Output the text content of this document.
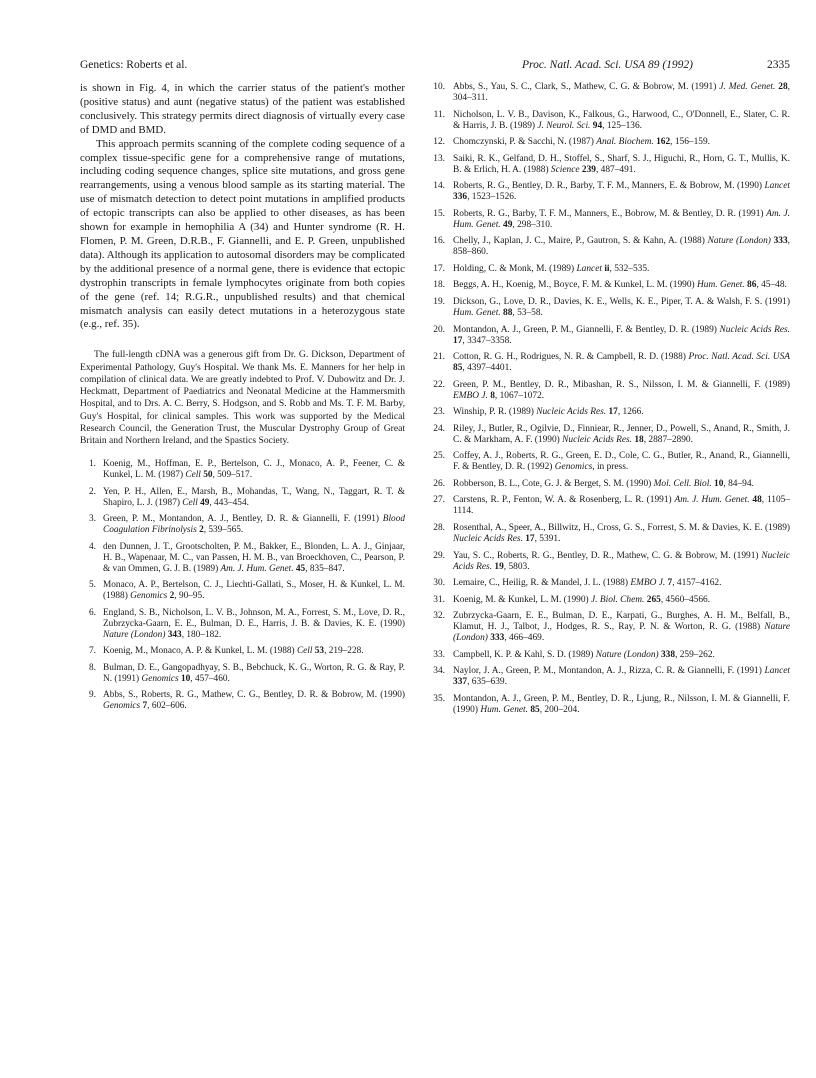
Genetics: Roberts et al.	Proc. Natl. Acad. Sci. USA 89 (1992)	2335

is shown in Fig. 4, in which the carrier status of the patient's mother (positive status) and aunt (negative status) of the patient was established conclusively. This strategy permits direct diagnosis of virtually every case of DMD and BMD.

This approach permits scanning of the complete coding sequence of a complex tissue-specific gene for a comprehensive range of mutations, including coding sequence changes, splice site mutations, and gross gene rearrangements, using a venous blood sample as its starting material. The use of mismatch detection to detect point mutations in amplified products of ectopic transcripts can also be applied to other diseases, as has been shown for example in hemophilia A (34) and Hunter syndrome (R. H. Flomen, P. M. Green, D.R.B., F. Giannelli, and E. P. Green, unpublished data). Although its application to autosomal disorders may be complicated by the additional presence of a normal gene, there is evidence that ectopic dystrophin transcripts in female lymphocytes originate from both copies of the gene (ref. 14; R.G.R., unpublished results) and that chemical mismatch analysis can easily detect mutations in a heterozygous state (e.g., ref. 35).

The full-length cDNA was a generous gift from Dr. G. Dickson, Department of Experimental Pathology, Guy's Hospital. We thank Ms. E. Manners for her help in compilation of clinical data. We are greatly indebted to Prof. V. Dubowitz and Dr. J. Heckmatt, Department of Paediatrics and Neonatal Medicine at the Hammersmith Hospital, and to Drs. A. C. Berry, S. Hodgson, and S. Robb and Ms. T. F. M. Barby, Guy's Hospital, for clinical samples. This work was supported by the Medical Research Council, the Generation Trust, the Muscular Dystrophy Group of Great Britain and Northern Ireland, and the Spastics Society.

1 . Koenig, M., Hoffman, E. P., Bertelson, C. J., Monaco, A. P., Feener, C. & Kunkel, L. M. (1987) Cell 50, 509–517.
2 . Yen, P. H., Allen, E., Marsh, B., Mohandas, T., Wang, N., Taggart, R. T. & Shapiro, L. J. (1987) Cell 49, 443–454.
3 . Green, P. M., Montandon, A. J., Bentley, D. R. & Giannelli, F. (1991) Blood Coagulation Fibrinolysis 2, 539–565.
4 . den Dunnen, J. T., Grootscholten, P. M., Bakker, E., Blonden, L. A. J., Ginjaar, H. B., Wapenaar, M. C., van Passen, H. M. B., van Broeckhoven, C., Pearson, P. & van Ommen, G. J. B. (1989) Am. J. Hum. Genet. 45, 835–847.
5 . Monaco, A. P., Bertelson, C. J., Liechti-Gallati, S., Moser, H. & Kunkel, L. M. (1988) Genomics 2, 90–95.
6 . England, S. B., Nicholson, L. V. B., Johnson, M. A., Forrest, S. M., Love, D. R., Zubrzycka-Gaarn, E. E., Bulman, D. E., Harris, J. B. & Davies, K. E. (1990) Nature (London) 343, 180–182.
7 . Koenig, M., Monaco, A. P. & Kunkel, L. M. (1988) Cell 53, 219–228.
8 . Bulman, D. E., Gangopadhyay, S. B., Bebchuck, K. G., Worton, R. G. & Ray, P. N. (1991) Genomics 10, 457–460.
9 . Abbs, S., Roberts, R. G., Mathew, C. G., Bentley, D. R. & Bobrow, M. (1990) Genomics 7, 602–606.
10 . Abbs, S., Yau, S. C., Clark, S., Mathew, C. G. & Bobrow, M. (1991) J. Med. Genet. 28, 304–311.
11 . Nicholson, L. V. B., Davison, K., Falkous, G., Harwood, C., O'Donnell, E., Slater, C. R. & Harris, J. B. (1989) J. Neurol. Sci. 94, 125–136.
12 . Chomczynski, P. & Sacchi, N. (1987) Anal. Biochem. 162, 156–159.
13 . Saiki, R. K., Gelfand, D. H., Stoffel, S., Sharf, S. J., Higuchi, R., Horn, G. T., Mullis, K. B. & Erlich, H. A. (1988) Science 239, 487–491.
14 . Roberts, R. G., Bentley, D. R., Barby, T. F. M., Manners, E. & Bobrow, M. (1990) Lancet 336, 1523–1526.
15 . Roberts, R. G., Barby, T. F. M., Manners, E., Bobrow, M. & Bentley, D. R. (1991) Am. J. Hum. Genet. 49, 298–310.
16 . Chelly, J., Kaplan, J. C., Maire, P., Gautron, S. & Kahn, A. (1988) Nature (London) 333, 858–860.
17 . Holding, C. & Monk, M. (1989) Lancet ii, 532–535.
18 . Beggs, A. H., Koenig, M., Boyce, F. M. & Kunkel, L. M. (1990) Hum. Genet. 86, 45–48.
19 . Dickson, G., Love, D. R., Davies, K. E., Wells, K. E., Piper, T. A. & Walsh, F. S. (1991) Hum. Genet. 88, 53–58.
20 . Montandon, A. J., Green, P. M., Giannelli, F. & Bentley, D. R. (1989) Nucleic Acids Res. 17, 3347–3358.
21 . Cotton, R. G. H., Rodrigues, N. R. & Campbell, R. D. (1988) Proc. Natl. Acad. Sci. USA 85, 4397–4401.
22 . Green, P. M., Bentley, D. R., Mibashan, R. S., Nilsson, I. M. & Giannelli, F. (1989) EMBO J. 8, 1067–1072.
23 . Winship, P. R. (1989) Nucleic Acids Res. 17, 1266.
24 . Riley, J., Butler, R., Ogilvie, D., Finniear, R., Jenner, D., Powell, S., Anand, R., Smith, J. C. & Markham, A. F. (1990) Nucleic Acids Res. 18, 2887–2890.
25 . Coffey, A. J., Roberts, R. G., Green, E. D., Cole, C. G., Butler, R., Anand, R., Giannelli, F. & Bentley, D. R. (1992) Genomics, in press.
26 . Robberson, B. L., Cote, G. J. & Berget, S. M. (1990) Mol. Cell. Biol. 10, 84–94.
27 . Carstens, R. P., Fenton, W. A. & Rosenberg, L. R. (1991) Am. J. Hum. Genet. 48, 1105–1114.
28 . Rosenthal, A., Speer, A., Billwitz, H., Cross, G. S., Forrest, S. M. & Davies, K. E. (1989) Nucleic Acids Res. 17, 5391.
29 . Yau, S. C., Roberts, R. G., Bentley, D. R., Mathew, C. G. & Bobrow, M. (1991) Nucleic Acids Res. 19, 5803.
30 . Lemaire, C., Heilig, R. & Mandel, J. L. (1988) EMBO J. 7, 4157–4162.
31 . Koenig, M. & Kunkel, L. M. (1990) J. Biol. Chem. 265, 4560–4566.
32 . Zubrzycka-Gaarn, E. E., Bulman, D. E., Karpati, G., Burghes, A. H. M., Belfall, B., Klamut, H. J., Talbot, J., Hodges, R. S., Ray, P. N. & Worton, R. G. (1988) Nature (London) 333, 466–469.
33 . Campbell, K. P. & Kahl, S. D. (1989) Nature (London) 338, 259–262.
34 . Naylor, J. A., Green, P. M., Montandon, A. J., Rizza, C. R. & Giannelli, F. (1991) Lancet 337, 635–639.
35 . Montandon, A. J., Green, P. M., Bentley, D. R., Ljung, R., Nilsson, I. M. & Giannelli, F. (1990) Hum. Genet. 85, 200–204.
